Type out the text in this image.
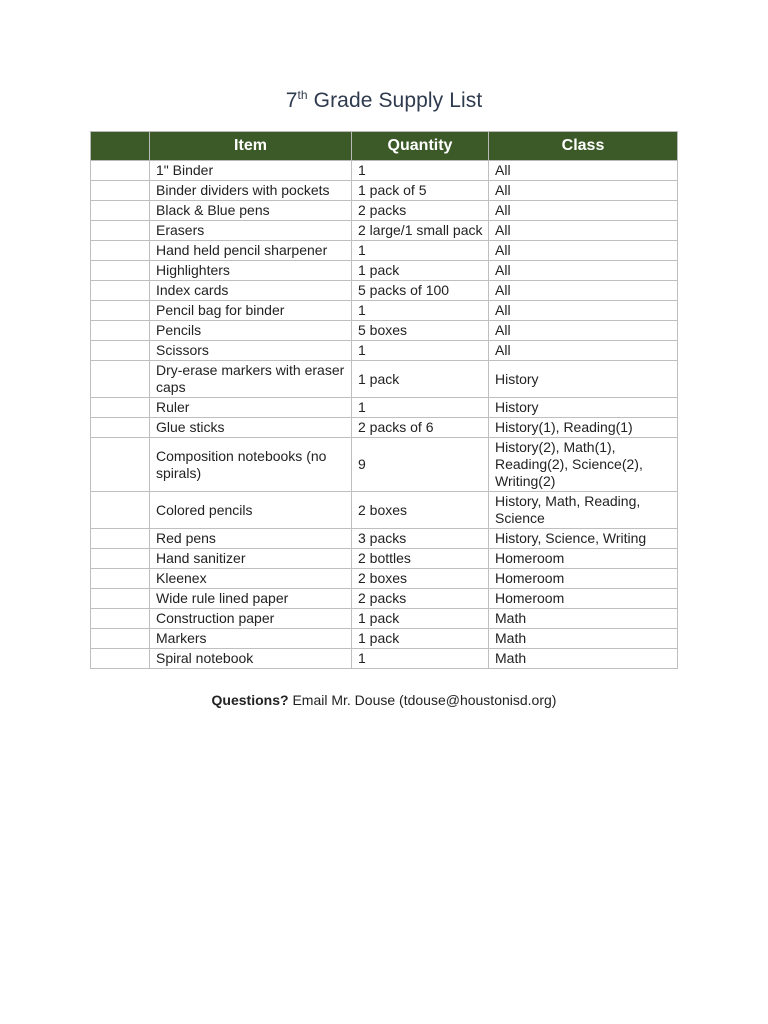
7th Grade Supply List
	Item	Quantity	Class
	1" Binder	1	All
	Binder dividers with pockets	1 pack of 5	All
	Black & Blue pens	2 packs	All
	Erasers	2 large/1 small pack	All
	Hand held pencil sharpener	1	All
	Highlighters	1 pack	All
	Index cards	5 packs of 100	All
	Pencil bag for binder	1	All
	Pencils	5 boxes	All
	Scissors	1	All
	Dry-erase markers with eraser caps	1 pack	History
	Ruler	1	History
	Glue sticks	2 packs of 6	History(1), Reading(1)
	Composition notebooks (no spirals)	9	History(2), Math(1), Reading(2), Science(2), Writing(2)
	Colored pencils	2 boxes	History, Math, Reading, Science
	Red pens	3 packs	History, Science, Writing
	Hand sanitizer	2 bottles	Homeroom
	Kleenex	2 boxes	Homeroom
	Wide rule lined paper	2 packs	Homeroom
	Construction paper	1 pack	Math
	Markers	1 pack	Math
	Spiral notebook	1	Math
Questions? Email Mr. Douse (tdouse@houstonisd.org)
